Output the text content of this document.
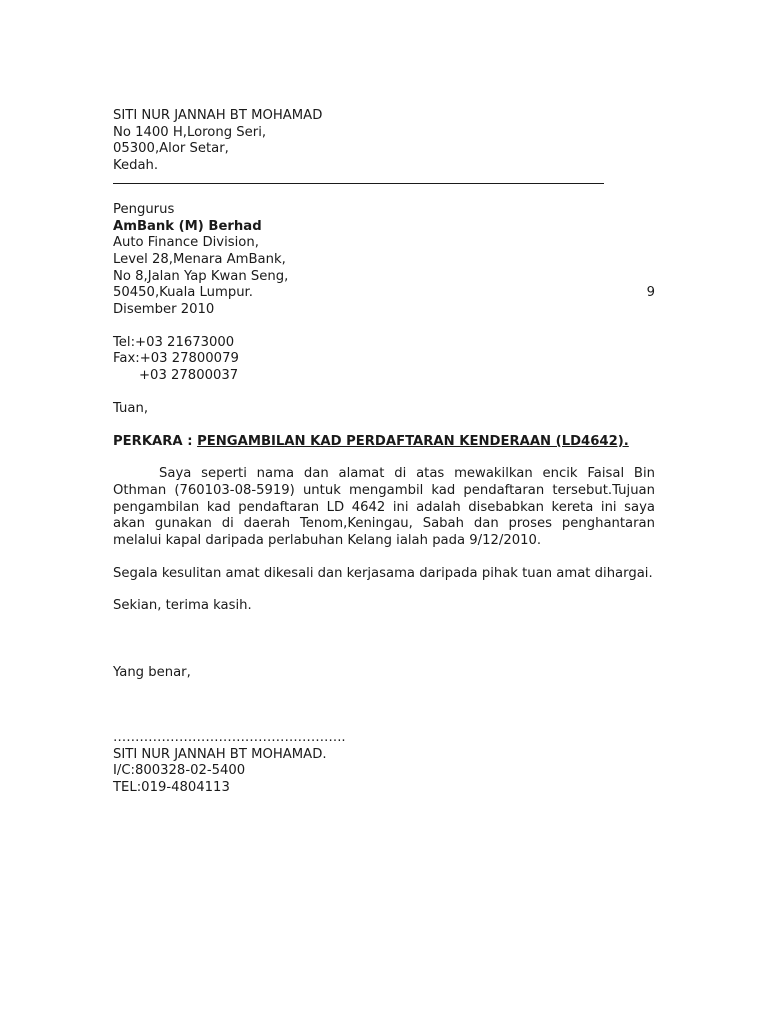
SITI NUR JANNAH BT MOHAMAD
No 1400 H,Lorong Seri,
05300,Alor Setar,
Kedah.
Pengurus
AmBank (M) Berhad
Auto Finance Division,
Level 28,Menara AmBank,
No 8,Jalan Yap Kwan Seng,
50450,Kuala Lumpur.	9
Disember 2010
Tel:+03 21673000
Fax:+03 27800079
+03 27800037
Tuan,
PERKARA : PENGAMBILAN KAD PERDAFTARAN KENDERAAN (LD4642).
Saya seperti nama dan alamat di atas mewakilkan encik Faisal Bin Othman (760103-08-5919) untuk mengambil kad pendaftaran tersebut.Tujuan pengambilan kad pendaftaran LD 4642 ini adalah disebabkan kereta ini saya akan gunakan di daerah Tenom,Keningau, Sabah dan proses penghantaran melalui kapal daripada perlabuhan Kelang ialah pada 9/12/2010.
Segala kesulitan amat dikesali dan kerjasama daripada pihak tuan amat dihargai.
Sekian, terima kasih.
Yang benar,
……………………………………………..
SITI NUR JANNAH BT MOHAMAD.
I/C:800328-02-5400
TEL:019-4804113
